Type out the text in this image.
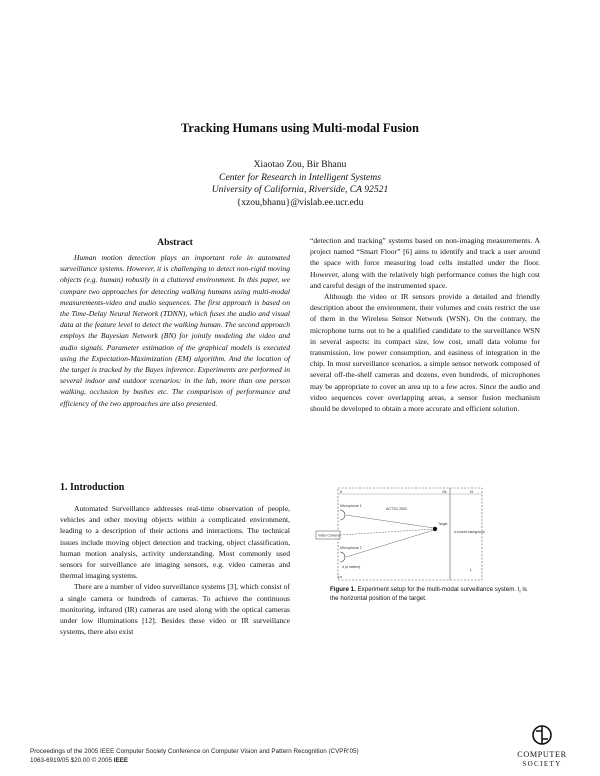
Tracking Humans using Multi-modal Fusion
Xiaotao Zou, Bir Bhanu
Center for Research in Intelligent Systems
University of California, Riverside, CA 92521
{xzou,bhanu}@vislab.ee.ucr.edu
Abstract

Human motion detection plays an important role in automated surveillance systems. However, it is challenging to detect non-rigid moving objects (e.g. human) robustly in a cluttered environment. In this paper, we compare two approaches for detecting walking humans using multi-modal measurements-video and audio sequences. The first approach is based on the Time-Delay Neural Network (TDNN), which fuses the audio and visual data at the feature level to detect the walking human. The second approach employs the Bayesian Network (BN) for jointly modeling the video and audio signals. Parameter estimation of the graphical models is executed using the Expectation-Maximization (EM) algorithm. And the location of the target is tracked by the Bayes inference. Experiments are performed in several indoor and outdoor scenarios: in the lab, more than one person walking, occlusion by bushes etc. The comparison of performance and efficiency of the two approaches are also presented.

1. Introduction

Automated Surveillance addresses real-time observation of people, vehicles and other moving objects within a complicated environment, leading to a description of their actions and interactions. The technical issues include moving object detection and tracking, object classification, human motion analysis, activity understanding. Most commonly used sensors for surveillance are imaging sensors, e.g. video cameras and thermal imaging systems.

There are a number of video surveillance systems [3], which consist of a single camera or hundreds of cameras. To achieve the continuous monitoring, infrared (IR) cameras are used along with the optical cameras under low illuminations [12]. Besides these video or IR surveillance systems, there also exist

“detection and tracking” systems based on non-imaging measurements. A project named “Smart Floor” [6] aims to identify and track a user around the space with force measuring load cells installed under the floor. However, along with the relatively high performance comes the high cost and careful design of the instrumented space.

Although the video or IR sensors provide a detailed and friendly description about the environment, their volumes and costs restrict the use of them in the Wireless Sensor Network (WSN). On the contrary, the microphone turns out to be a qualified candidate to the surveillance WSN in several aspects: its compact size, low cost, small data volume for transmission, low power consumption, and easiness of integration in the chip. In most surveillance scenarios, a simple sensor network composed of several off-the-shelf cameras and dozens, even hundreds, of microphones may be appropriate to cover an area up to a few acres. Since the audio and video sequences cover overlapping areas, a sensor fusion mechanism should be developed to obtain a more accurate and efficient solution.

0	Xk	N
Microphone 1
Microphone 2
d (a meters)
Video Camera
Target
ACTSC 2002
a colored background
L
Ln
Figure 1. Experiment setup for the multi-modal surveillance system. l⁁ is the horizontal position of the target.
Proceedings of the 2005 IEEE Computer Society Conference on Computer Vision and Pattern Recognition (CVPR’05)
1063-6919/05 $20.00 © 2005 IEEE
COMPUTER
SOCIETY
